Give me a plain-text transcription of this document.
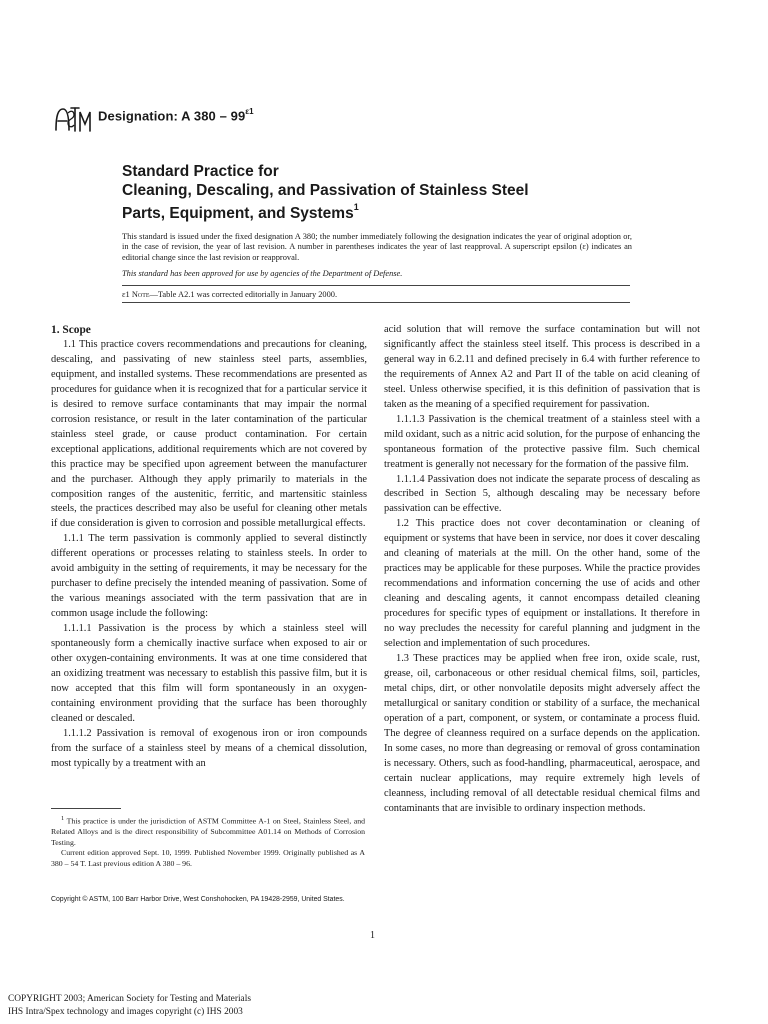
Designation: A $380 - 99^{\varepsilon 1}$
Standard Practice for
Cleaning, Descaling, and Passivation of Stainless Steel
Parts, Equipment, and Systems$^1$

This standard is issued under the fixed designation A 380; the number immediately following the designation indicates the year of original adoption or, in the case of revision, the year of last revision. A number in parentheses indicates the year of last reapproval. A superscript epsilon (ε) indicates an editorial change since the last revision or reapproval.

This standard has been approved for use by agencies of the Department of Defense.

ε1 Note—Table A2.1 was corrected editorially in January 2000.
1. Scope

1.1 This practice covers recommendations and precautions for cleaning, descaling, and passivating of new stainless steel parts, assemblies, equipment, and installed systems. These recommendations are presented as procedures for guidance when it is recognized that for a particular service it is desired to remove surface contaminants that may impair the normal corrosion resistance, or result in the later contamination of the particular stainless steel grade, or cause product contamination. For certain exceptional applications, additional requirements which are not covered by this practice may be specified upon agreement between the manufacturer and the purchaser. Although they apply primarily to materials in the composition ranges of the austenitic, ferritic, and martensitic stainless steels, the practices described may also be useful for cleaning other metals if due consideration is given to corrosion and possible metallurgical effects.

1.1.1 The term passivation is commonly applied to several distinctly different operations or processes relating to stainless steels. In order to avoid ambiguity in the setting of requirements, it may be necessary for the purchaser to define precisely the intended meaning of passivation. Some of the various meanings associated with the term passivation that are in common usage include the following:

1.1.1.1 Passivation is the process by which a stainless steel will spontaneously form a chemically inactive surface when exposed to air or other oxygen-containing environments. It was at one time considered that an oxidizing treatment was necessary to establish this passive film, but it is now accepted that this film will form spontaneously in an oxygen-containing environment providing that the surface has been thoroughly cleaned or descaled.

1.1.1.2 Passivation is removal of exogenous iron or iron compounds from the surface of a stainless steel by means of a chemical dissolution, most typically by a treatment with an

acid solution that will remove the surface contamination but will not significantly affect the stainless steel itself. This process is described in a general way in 6.2.11 and defined precisely in 6.4 with further reference to the requirements of Annex A2 and Part II of the table on acid cleaning of steel. Unless otherwise specified, it is this definition of passivation that is taken as the meaning of a specified requirement for passivation.

1.1.1.3 Passivation is the chemical treatment of a stainless steel with a mild oxidant, such as a nitric acid solution, for the purpose of enhancing the spontaneous formation of the protective passive film. Such chemical treatment is generally not necessary for the formation of the passive film.

1.1.1.4 Passivation does not indicate the separate process of descaling as described in Section 5, although descaling may be necessary before passivation can be effective.

1.2 This practice does not cover decontamination or cleaning of equipment or systems that have been in service, nor does it cover descaling and cleaning of materials at the mill. On the other hand, some of the practices may be applicable for these purposes. While the practice provides recommendations and information concerning the use of acids and other cleaning and descaling agents, it cannot encompass detailed cleaning procedures for specific types of equipment or installations. It therefore in no way precludes the necessity for careful planning and judgment in the selection and implementation of such procedures.

1.3 These practices may be applied when free iron, oxide scale, rust, grease, oil, carbonaceous or other residual chemical films, soil, particles, metal chips, dirt, or other nonvolatile deposits might adversely affect the metallurgical or sanitary condition or stability of a surface, the mechanical operation of a part, component, or system, or contaminate a process fluid. The degree of cleanness required on a surface depends on the application. In some cases, no more than degreasing or removal of gross contamination is necessary. Others, such as food-handling, pharmaceutical, aerospace, and certain nuclear applications, may require extremely high levels of cleanness, including removal of all detectable residual chemical films and contaminants that are invisible to ordinary inspection methods.

$^1$ This practice is under the jurisdiction of ASTM Committee A-1 on Steel, Stainless Steel, and Related Alloys and is the direct responsibility of Subcommittee A01.14 on Methods of Corrosion Testing.

Current edition approved Sept. 10, 1999. Published November 1999. Originally published as A 380 – 54 T. Last previous edition A 380 – 96.

Copyright © ASTM, 100 Barr Harbor Drive, West Conshohocken, PA 19428-2959, United States.
1
COPYRIGHT 2003; American Society for Testing and Materials
IHS Intra/Spex technology and images copyright (c) IHS 2003
